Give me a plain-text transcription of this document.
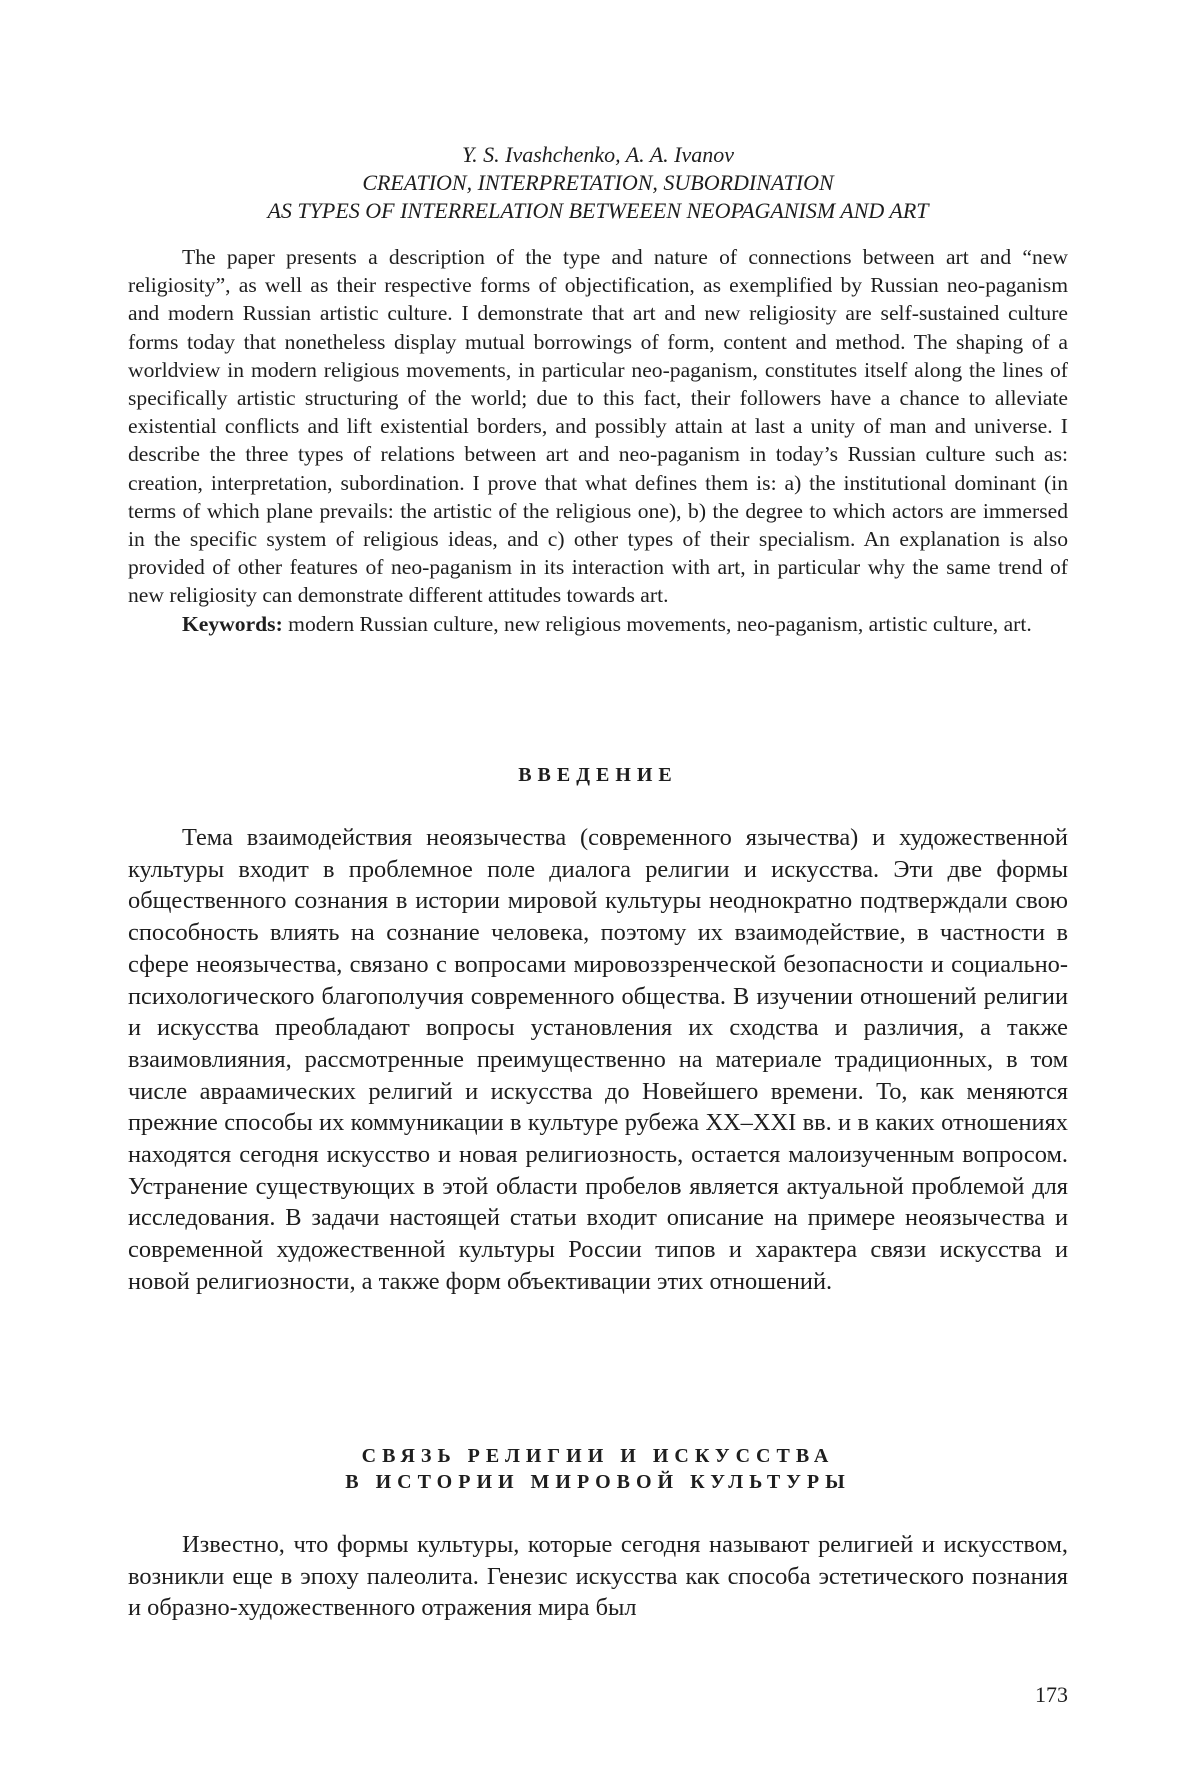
Y. S. Ivashchenko, A. A. Ivanov
CREATION, INTERPRETATION, SUBORDINATION
AS TYPES OF INTERRELATION BETWEEEN NEOPAGANISM AND ART

The paper presents a description of the type and nature of connections between art and “new religiosity”, as well as their respective forms of objectification, as exemplified by Russian neo-paganism and modern Russian artistic culture. I demonstrate that art and new religiosity are self-sustained culture forms today that nonetheless display mutual borrowings of form, content and method. The shaping of a worldview in modern religious movements, in particular neo-paganism, constitutes itself along the lines of specifically artistic structuring of the world; due to this fact, their followers have a chance to alleviate existential conflicts and lift existential borders, and possibly attain at last a unity of man and universe. I describe the three types of relations between art and neo-paganism in today’s Russian culture such as: creation, interpretation, subordination. I prove that what defines them is: a) the institutional dominant (in terms of which plane prevails: the artistic of the religious one), b) the degree to which actors are immersed in the specific system of religious ideas, and c) other types of their specialism. An explanation is also provided of other features of neo-paganism in its interaction with art, in particular why the same trend of new religiosity can demonstrate different attitudes towards art.

Keywords: modern Russian culture, new religious movements, neo-paganism, artistic culture, art.

ВВЕДЕНИЕ

Тема взаимодействия неоязычества (современного язычества) и художественной культуры входит в проблемное поле диалога религии и искусства. Эти две формы общественного сознания в истории мировой культуры неоднократно подтверждали свою способность влиять на сознание человека, поэтому их взаимодействие, в частности в сфере неоязычества, связано с вопросами мировоззренческой безопасности и социально-психологического благополучия современного общества. В изучении отношений религии и искусства преобладают вопросы установления их сходства и различия, а также взаимовлияния, рассмотренные преимущественно на материале традиционных, в том числе авраамических религий и искусства до Новейшего времени. То, как меняются прежние способы их коммуникации в культуре рубежа XX–XXI вв. и в каких отношениях находятся сегодня искусство и новая религиозность, остается малоизученным вопросом. Устранение существующих в этой области пробелов является актуальной проблемой для исследования. В задачи настоящей статьи входит описание на примере неоязычества и современной художественной культуры России типов и характера связи искусства и новой религиозности, а также форм объективации этих отношений.

СВЯЗЬ РЕЛИГИИ И ИСКУССТВА
В ИСТОРИИ МИРОВОЙ КУЛЬТУРЫ

Известно, что формы культуры, которые сегодня называют религией и искусством, возникли еще в эпоху палеолита. Генезис искусства как способа эстетического познания и образно-художественного отражения мира был

173
